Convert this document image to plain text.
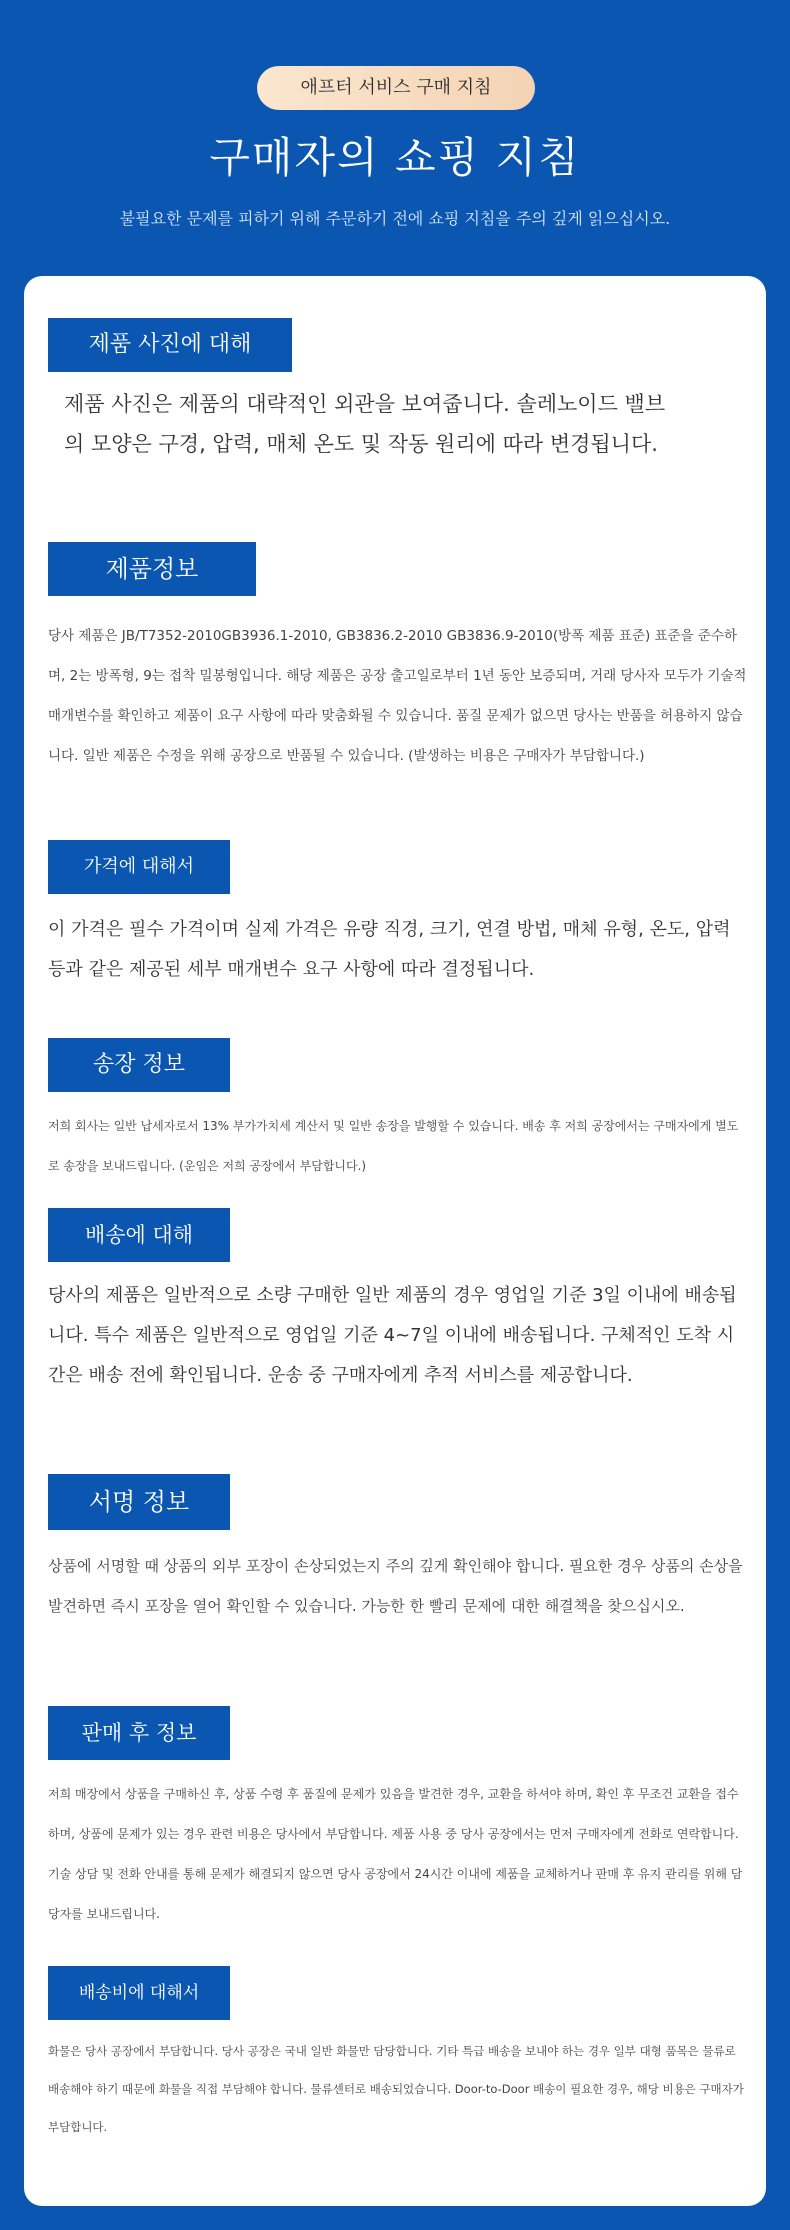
애프터 서비스 구매 지침
구매자의 쇼핑 지침
불필요한 문제를 피하기 위해 주문하기 전에 쇼핑 지침을 주의 깊게 읽으십시오.
제품 사진에 대해

제품 사진은 제품의 대략적인 외관을 보여줍니다. 솔레노이드 밸브의 모양은 구경, 압력, 매체 온도 및 작동 원리에 따라 변경됩니다.

제품정보

당사 제품은 JB/T7352-2010GB3936.1-2010, GB3836.2-2010 GB3836.9-2010(방폭 제품 표준) 표준을 준수하며, 2는 방폭형, 9는 접착 밀봉형입니다. 해당 제품은 공장 출고일로부터 1년 동안 보증되며, 거래 당사자 모두가 기술적 매개변수를 확인하고 제품이 요구 사항에 따라 맞춤화될 수 있습니다. 품질 문제가 없으면 당사는 반품을 허용하지 않습니다. 일반 제품은 수정을 위해 공장으로 반품될 수 있습니다. (발생하는 비용은 구매자가 부담합니다.)

가격에 대해서

이 가격은 필수 가격이며 실제 가격은 유량 직경, 크기, 연결 방법, 매체 유형, 온도, 압력 등과 같은 제공된 세부 매개변수 요구 사항에 따라 결정됩니다.

송장 정보

저희 회사는 일반 납세자로서 13% 부가가치세 계산서 및 일반 송장을 발행할 수 있습니다. 배송 후 저희 공장에서는 구매자에게 별도로 송장을 보내드립니다. (운임은 저희 공장에서 부담합니다.)

배송에 대해

당사의 제품은 일반적으로 소량 구매한 일반 제품의 경우 영업일 기준 3일 이내에 배송됩니다. 특수 제품은 일반적으로 영업일 기준 4~7일 이내에 배송됩니다. 구체적인 도착 시간은 배송 전에 확인됩니다. 운송 중 구매자에게 추적 서비스를 제공합니다.

서명 정보

상품에 서명할 때 상품의 외부 포장이 손상되었는지 주의 깊게 확인해야 합니다. 필요한 경우 상품의 손상을 발견하면 즉시 포장을 열어 확인할 수 있습니다. 가능한 한 빨리 문제에 대한 해결책을 찾으십시오.

판매 후 정보

저희 매장에서 상품을 구매하신 후, 상품 수령 후 품질에 문제가 있음을 발견한 경우, 교환을 하셔야 하며, 확인 후 무조건 교환을 접수하며, 상품에 문제가 있는 경우 관련 비용은 당사에서 부담합니다. 제품 사용 중 당사 공장에서는 먼저 구매자에게 전화로 연락합니다. 기술 상담 및 전화 안내를 통해 문제가 해결되지 않으면 당사 공장에서 24시간 이내에 제품을 교체하거나 판매 후 유지 관리를 위해 담당자를 보내드립니다.

배송비에 대해서

화물은 당사 공장에서 부담합니다. 당사 공장은 국내 일반 화물만 담당합니다. 기타 특급 배송을 보내야 하는 경우 일부 대형 품목은 물류로 배송해야 하기 때문에 화물을 직접 부담해야 합니다. 물류센터로 배송되었습니다. Door-to-Door 배송이 필요한 경우, 해당 비용은 구매자가 부담합니다.
